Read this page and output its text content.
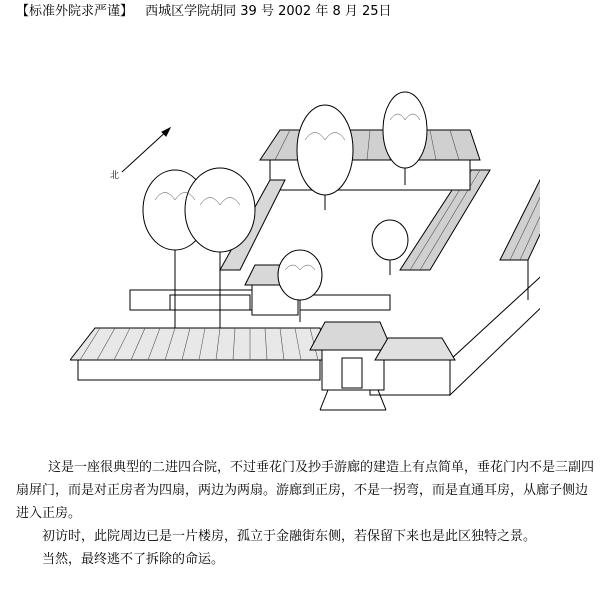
【标准外院求严谨】 西城区学院胡同 39 号 2002 年 8 月 25日
北

这是一座很典型的二进四合院，不过垂花门及抄手游廊的建造上有点简单，垂花门内不是三副四扇屏门，而是对正房者为四扇，两边为两扇。游廊到正房，不是一拐弯，而是直通耳房，从廊子侧边进入正房。

初访时，此院周边已是一片楼房，孤立于金融街东侧，若保留下来也是此区独特之景。

当然，最终逃不了拆除的命运。
